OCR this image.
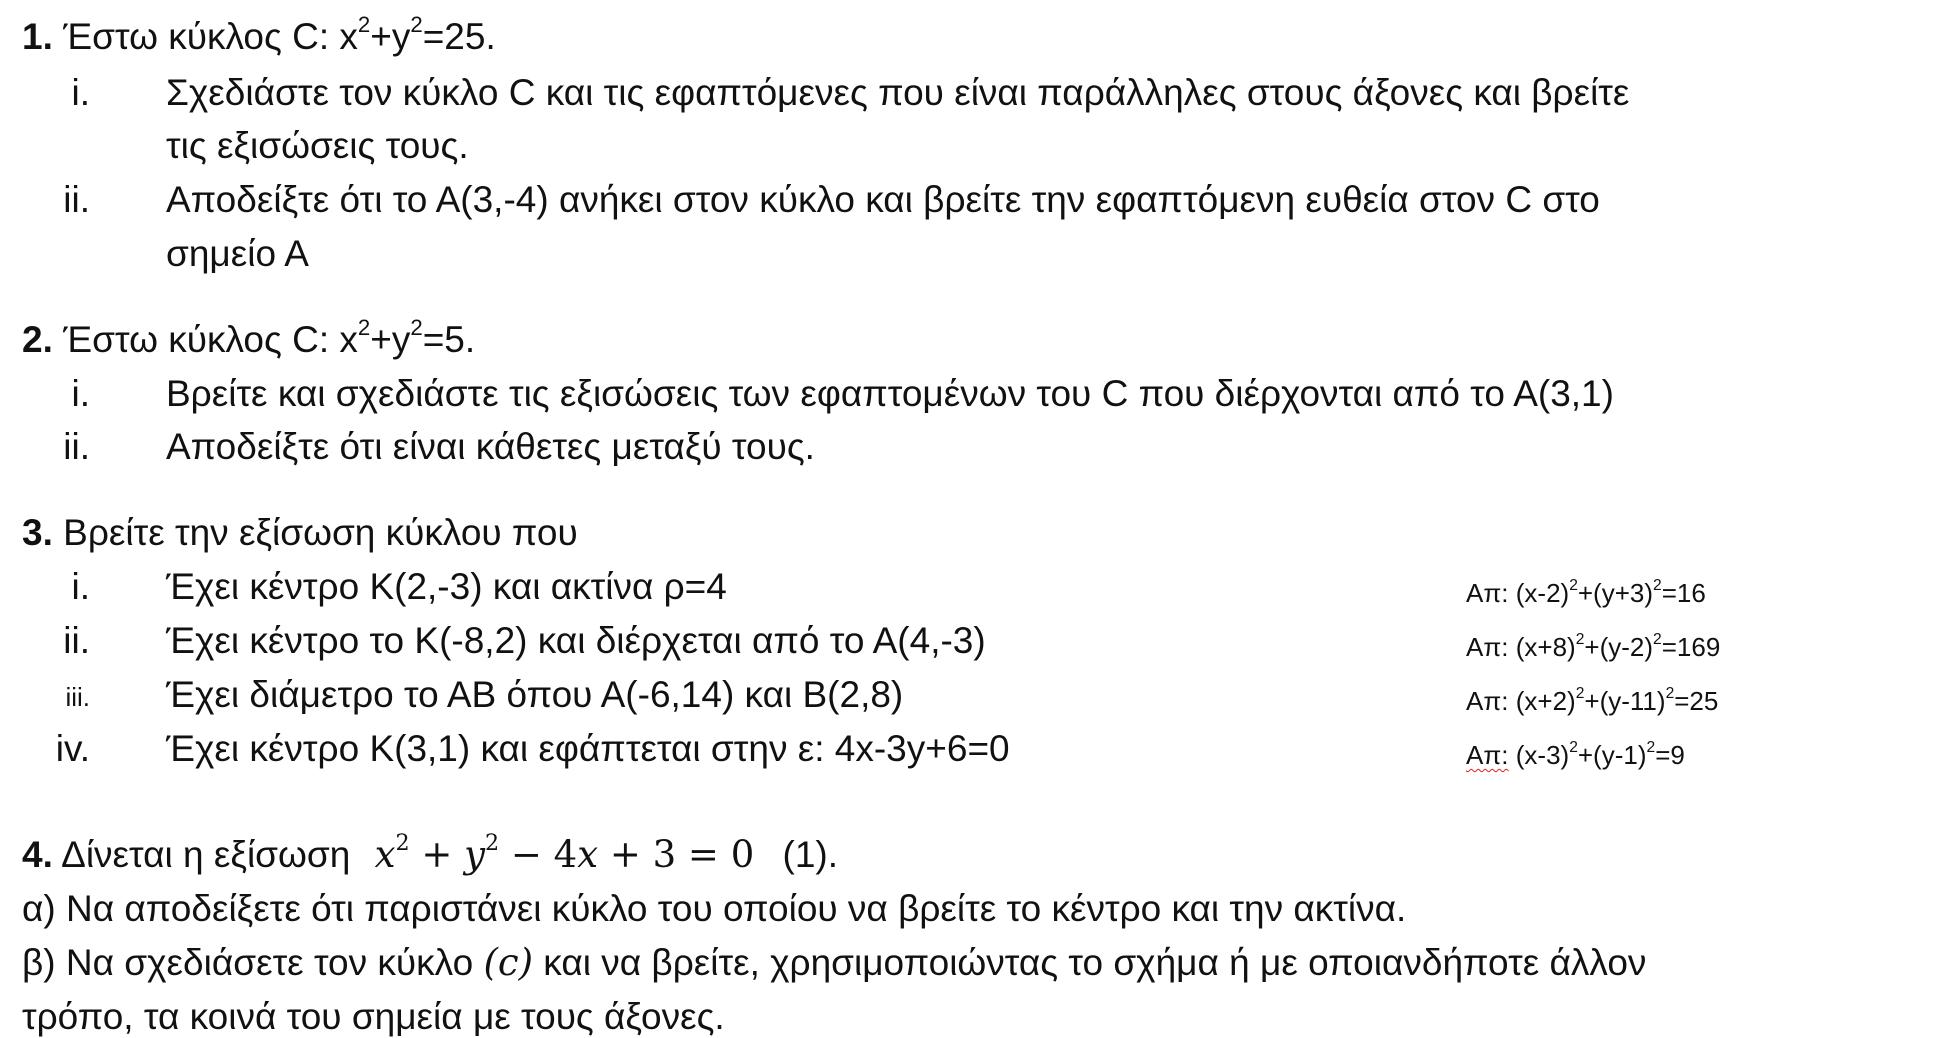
1. Έστω κύκλος C: $x^2+y^2=25$.
i. Σχεδιάστε τον κύκλο C και τις εφαπτόμενες που είναι παράλληλες στους άξονες και βρείτε
τις εξισώσεις τους.
ii. Αποδείξτε ότι το Α(3,-4) ανήκει στον κύκλο και βρείτε την εφαπτόμενη ευθεία στον C στο
σημείο Α
2. Έστω κύκλος C: $x^2+y^2=5$.
i. Βρείτε και σχεδιάστε τις εξισώσεις των εφαπτομένων του C που διέρχονται από το Α(3,1)
ii. Αποδείξτε ότι είναι κάθετες μεταξύ τους.
3. Βρείτε την εξίσωση κύκλου που
i. Έχει κέντρο Κ(2,-3) και ακτίνα ρ=4	Απ: $(x-2)^2+(y+3)^2=16$
ii. Έχει κέντρο το Κ(-8,2) και διέρχεται από το Α(4,-3)	Απ: $(x+8)^2+(y-2)^2=169$
iii. Έχει διάμετρο το ΑΒ όπου Α(-6,14) και Β(2,8)	Απ: $(x+2)^2+(y-11)^2=25$
iv. Έχει κέντρο Κ(3,1) και εφάπτεται στην ε: 4x-3y+6=0	Απ: $(x-3)^2+(y-1)^2=9$
4. Δίνεται η εξίσωση $x^2 + y^2 - 4x + 3 = 0$ (1).
α) Να αποδείξετε ότι παριστάνει κύκλο του οποίου να βρείτε το κέντρο και την ακτίνα.
β) Να σχεδιάσετε τον κύκλο (c) και να βρείτε, χρησιμοποιώντας το σχήμα ή με οποιανδήποτε άλλον
τρόπο, τα κοινά του σημεία με τους άξονες.
